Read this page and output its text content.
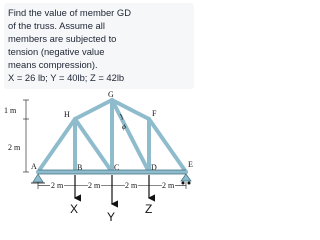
Find the value of member GD

of the truss. Assume all

members are subjected to

tension (negative value

means compression).

X = 26 lb; Y = 40lb; Z = 42lb

G
H	F
A	E
B	C	D
ϕ
1 m
2 m
2 m	2 m	2 m	2 m
X
Y
Z
